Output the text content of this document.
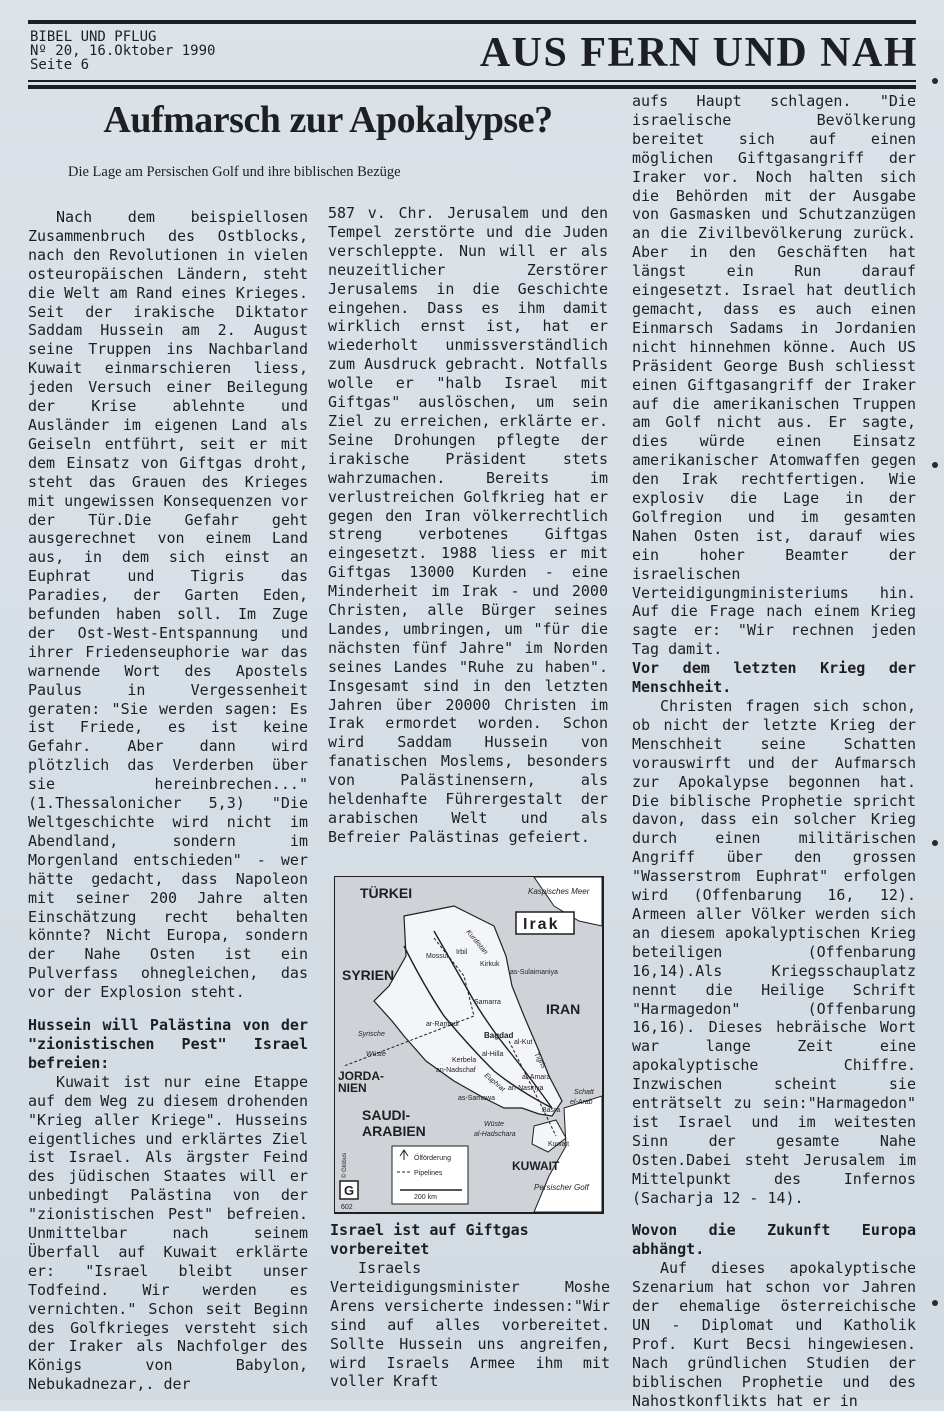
BIBEL UND PFLUG
Nº 20, 16.Oktober 1990
Seite 6	AUS FERN UND NAH
Aufmarsch zur Apokalypse?
Die Lage am Persischen Golf und ihre biblischen Bezüge

Nach dem beispiellosen Zusammenbruch des Ostblocks, nach den Revolutionen in vielen osteuropäischen Ländern, steht die Welt am Rand eines Krieges. Seit der irakische Diktator Saddam Hussein am 2. August seine Truppen ins Nachbarland Kuwait einmarschieren liess, jeden Versuch einer Beilegung der Krise ablehnte und Ausländer im eigenen Land als Geiseln entführt, seit er mit dem Einsatz von Giftgas droht, steht das Grauen des Krieges mit ungewissen Konsequenzen vor der Tür.Die Gefahr geht ausgerechnet von einem Land aus, in dem sich einst an Euphrat und Tigris das Paradies, der Garten Eden, befunden haben soll. Im Zuge der Ost-West-Entspannung und ihrer Friedenseuphorie war das warnende Wort des Apostels Paulus in Vergessenheit geraten: "Sie werden sagen: Es ist Friede, es ist keine Gefahr. Aber dann wird plötzlich das Verderben über sie hereinbrechen..."(1.Thessalonicher 5,3) "Die Weltgeschichte wird nicht im Abendland, sondern im Morgenland entschieden" - wer hätte gedacht, dass Napoleon mit seiner 200 Jahre alten Einschätzung recht behalten könnte? Nicht Europa, sondern der Nahe Osten ist ein Pulverfass ohnegleichen, das vor der Explosion steht.

Hussein will Palästina von der "zionistischen Pest" Israel befreien:

Kuwait ist nur eine Etappe auf dem Weg zu diesem drohenden "Krieg aller Kriege". Husseins eigentliches und erklärtes Ziel ist Israel. Als ärgster Feind des jüdischen Staates will er unbedingt Palästina von der "zionistischen Pest" befreien. Unmittelbar nach seinem Überfall auf Kuwait erklärte er: "Israel bleibt unser Todfeind. Wir werden es vernichten." Schon seit Beginn des Golfkrieges versteht sich der Iraker als Nachfolger des Königs von Babylon, Nebukadnezar,. der

587 v. Chr. Jerusalem und den Tempel zerstörte und die Juden verschleppte. Nun will er als neuzeitlicher Zerstörer Jerusalems in die Geschichte eingehen. Dass es ihm damit wirklich ernst ist, hat er wiederholt unmissverständlich zum Ausdruck gebracht. Notfalls wolle er "halb Israel mit Giftgas" auslöschen, um sein Ziel zu erreichen, erklärte er. Seine Drohungen pflegte der irakische Präsident stets wahrzumachen. Bereits im verlustreichen Golfkrieg hat er gegen den Iran völkerrechtlich streng verbotenes Giftgas eingesetzt. 1988 liess er mit Giftgas 13000 Kurden - eine Minderheit im Irak - und 2000 Christen, alle Bürger seines Landes, umbringen, um "für die nächsten fünf Jahre" im Norden seines Landes "Ruhe zu haben". Insgesamt sind in den letzten Jahren über 20000 Christen im Irak ermordet worden. Schon wird Saddam Hussein von fanatischen Moslems, besonders von Palästinensern, als heldenhafte Führergestalt der arabischen Welt und als Befreier Palästinas gefeiert.

TÜRKEI
Irak
Kaspisches Meer
SYRIEN
IRAN
JORDA-
NIEN
SAUDI-
ARABIEN
KUWAIT
Mossul
Irbil
Kirkuk
as-Sulaimaniya
Kurdistan
Samarra
ar-Ramadi
Bagdad
Syrische
Wüste
Kerbela
an-Nadschaf
al-Hilla
al-Kut
al-Amara
an-Nasiriya
as-Samawa
Basra
Kuwait
Wüste
al-Hadschara
Schatt
el-Arab
Tigris
Euphrat
Persischer Golf
Ölförderung
Pipelines
200 km
© Globus
G
602
Israel ist auf Giftgas vorbereitet

Israels Verteidigungsminister Moshe Arens versicherte indessen:"Wir sind auf alles vorbereitet. Sollte Hussein uns angreifen, wird Israels Armee ihm mit voller Kraft

aufs Haupt schlagen. "Die israelische Bevölkerung bereitet sich auf einen möglichen Giftgasangriff der Iraker vor. Noch halten sich die Behörden mit der Ausgabe von Gasmasken und Schutzanzügen an die Zivilbevölkerung zurück. Aber in den Geschäften hat längst ein Run darauf eingesetzt. Israel hat deutlich gemacht, dass es auch einen Einmarsch Sadams in Jordanien nicht hinnehmen könne. Auch US Präsident George Bush schliesst einen Giftgasangriff der Iraker auf die amerikanischen Truppen am Golf nicht aus. Er sagte, dies würde einen Einsatz amerikanischer Atomwaffen gegen den Irak rechtfertigen. Wie explosiv die Lage in der Golfregion und im gesamten Nahen Osten ist, darauf wies ein hoher Beamter der israelischen Verteidigungministeriums hin. Auf die Frage nach einem Krieg sagte er: "Wir rechnen jeden Tag damit.

Vor dem letzten Krieg der Menschheit.

Christen fragen sich schon, ob nicht der letzte Krieg der Menschheit seine Schatten vorauswirft und der Aufmarsch zur Apokalypse begonnen hat. Die biblische Prophetie spricht davon, dass ein solcher Krieg durch einen militärischen Angriff über den grossen "Wasserstrom Euphrat" erfolgen wird (Offenbarung 16, 12). Armeen aller Völker werden sich an diesem apokalyptischen Krieg beteiligen (Offenbarung 16,14).Als Kriegsschauplatz nennt die Heilige Schrift "Harmagedon" (Offenbarung 16,16). Dieses hebräische Wort war lange Zeit eine apokalyptische Chiffre. Inzwischen scheint sie enträtselt zu sein:"Harmagedon" ist Israel und im weitesten Sinn der gesamte Nahe Osten.Dabei steht Jerusalem im Mittelpunkt des Infernos (Sacharja 12 - 14).

Wovon die Zukunft Europa abhängt.

Auf dieses apokalyptische Szenarium hat schon vor Jahren der ehemalige österreichische UN - Diplomat und Katholik Prof. Kurt Becsi hingewiesen. Nach gründlichen Studien der biblischen Prophetie und des Nahostkonflikts hat er in
